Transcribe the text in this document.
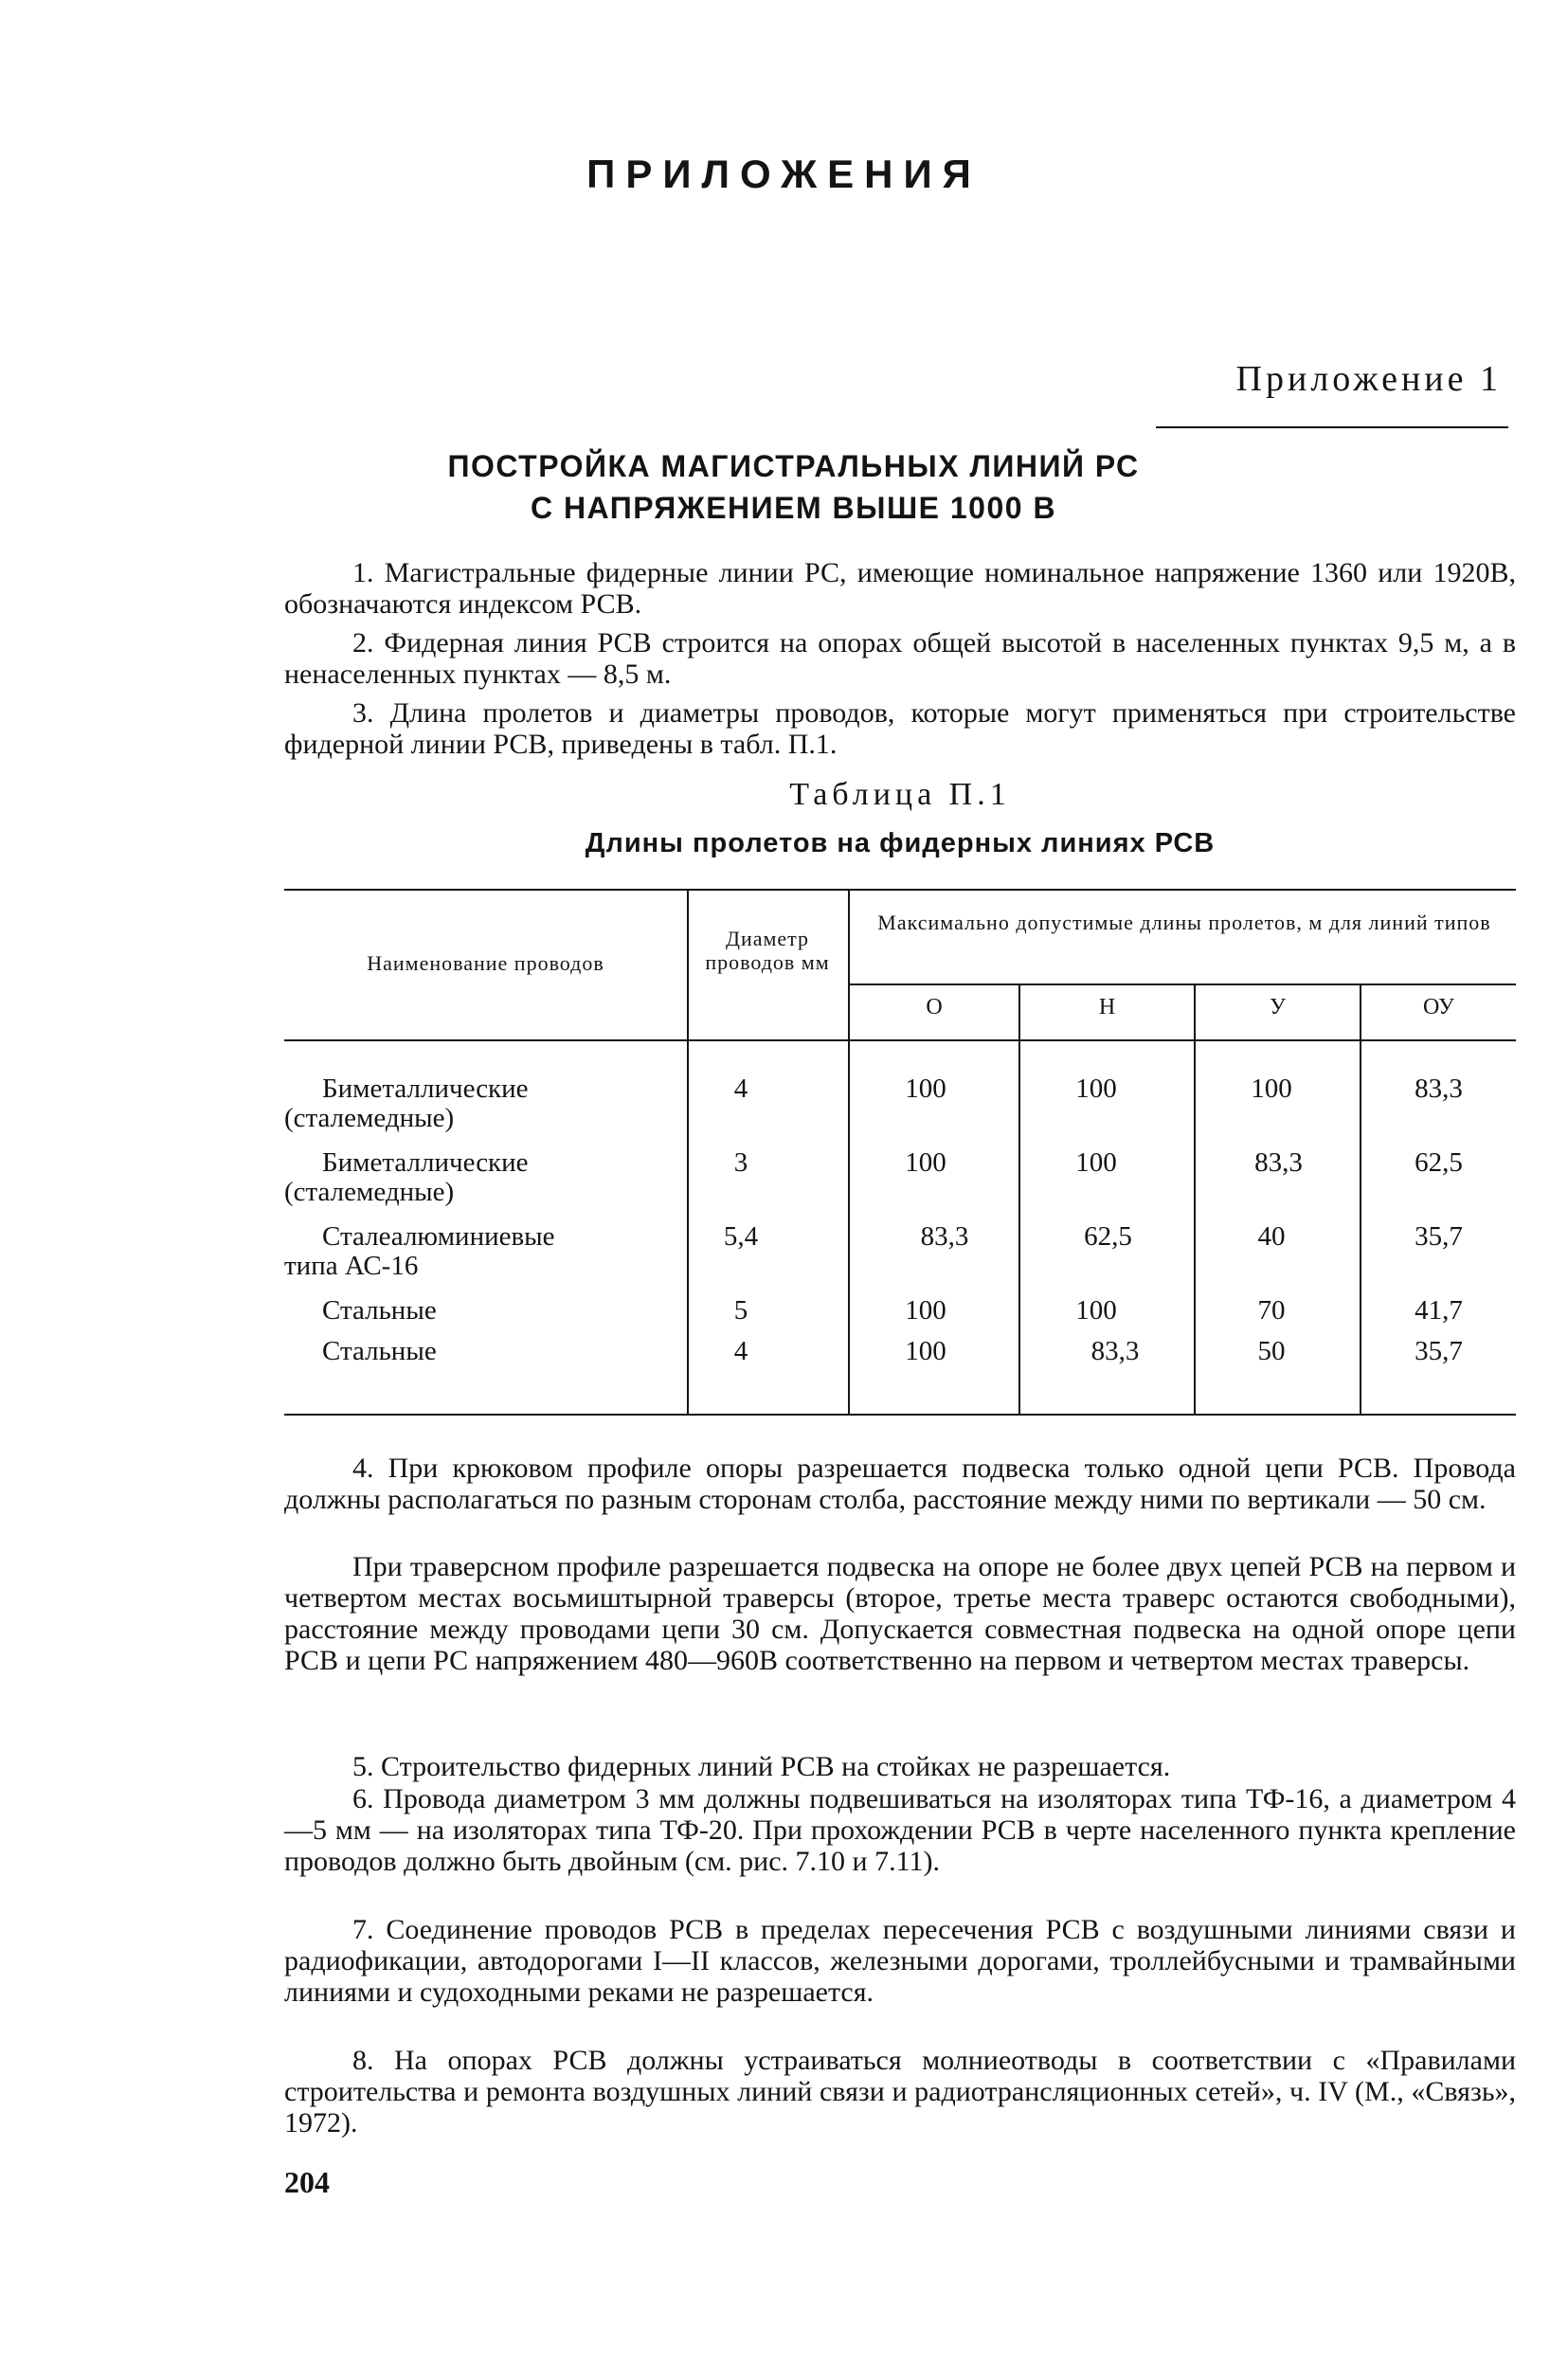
ПРИЛОЖЕНИЯ
Приложение 1
ПОСТРОЙКА МАГИСТРАЛЬНЫХ ЛИНИЙ РС
С НАПРЯЖЕНИЕМ ВЫШЕ 1000 В

1. Магистральные фидерные линии РС, имеющие номинальное напряжение 1360 или 1920В, обозначаются индексом РСВ.

2. Фидерная линия РСВ строится на опорах общей высотой в населенных пунктах 9,5 м, а в ненаселенных пунктах — 8,5 м.

3. Длина пролетов и диаметры проводов, которые могут применяться при строительстве фидерной линии РСВ, приведены в табл. П.1.

Таблица П.1
Длины пролетов на фидерных линиях РСВ
Наименование проводов
Диаметр проводов мм
Максимально допустимые длины пролетов, м для линий типов
О	Н	У	ОУ
Биметаллические
(сталемедные)
4	100	100	100	83,3
Биметаллические
(сталемедные)
3	100	100	83,3	62,5
Сталеалюминиевые
типа АС-16
5,4	83,3	62,5	40	35,7
Стальные	5	100	100	70	41,7
Стальные	4	100	83,3	50	35,7

4. При крюковом профиле опоры разрешается подвеска только одной цепи РСВ. Провода должны располагаться по разным сторонам столба, расстояние между ними по вертикали — 50 см.

При траверсном профиле разрешается подвеска на опоре не более двух цепей РСВ на первом и четвертом местах восьмиштырной траверсы (второе, третье места траверс остаются свободными), расстояние между проводами цепи 30 см. Допускается совместная подвеска на одной опоре цепи РСВ и цепи РС напряжением 480—960В соответственно на первом и четвертом местах траверсы.

5. Строительство фидерных линий РСВ на стойках не разрешается.

6. Провода диаметром 3 мм должны подвешиваться на изоляторах типа ТФ-16, а диаметром 4—5 мм — на изоляторах типа ТФ-20. При прохождении РСВ в черте населенного пункта крепление проводов должно быть двойным (см. рис. 7.10 и 7.11).

7. Соединение проводов РСВ в пределах пересечения РСВ с воздушными линиями связи и радиофикации, автодорогами I—II классов, железными дорогами, троллейбусными и трамвайными линиями и судоходными реками не разрешается.

8. На опорах РСВ должны устраиваться молниеотводы в соответствии с «Правилами строительства и ремонта воздушных линий связи и радиотрансляционных сетей», ч. IV (М., «Связь», 1972).

204
